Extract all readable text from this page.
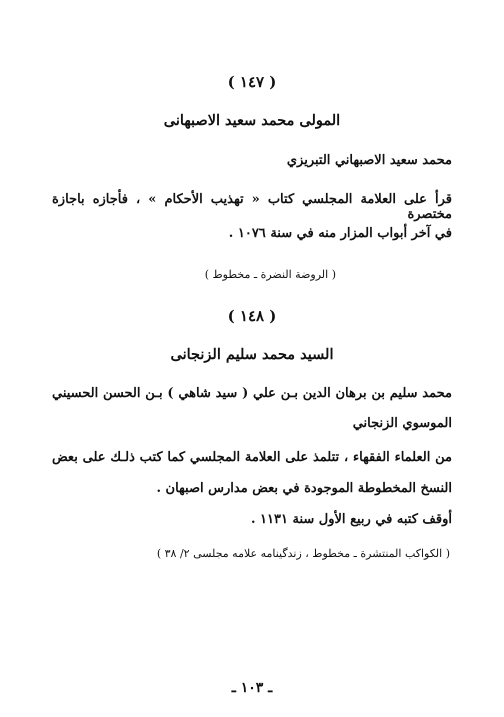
( ١٤٧ )
المولى محمد سعيد الاصبهانى
محمد سعيد الاصبهاني التبريزي
قرأ على العلامة المجلسي كتاب « تهذيب الأحكام » ، فأجازه باجازة مختصرة
في آخر أبواب المزار منه في سنة ١٠٧٦ .
( الروضة النضرة ـ مخطوط )
( ١٤٨ )
السيد محمد سليم الزنجانى
محمد سليم بن برهان الدين بـن علي ( سيد شاهي ) بـن الحسن الحسيني
الموسوي الزنجاني
من العلماء الفقهاء ، تتلمذ على العلامة المجلسي كما كتب ذلـك على بعض
النسخ المخطوطة الموجودة في بعض مدارس اصبهان .
أوقف كتبه في ربيع الأول سنة ١١٣١ .
( الكواكب المنتشرة ـ مخطوط ، زندگينامه علامه مجلسى ٢/ ٣٨ )
ـ ١٠٣ ـ
